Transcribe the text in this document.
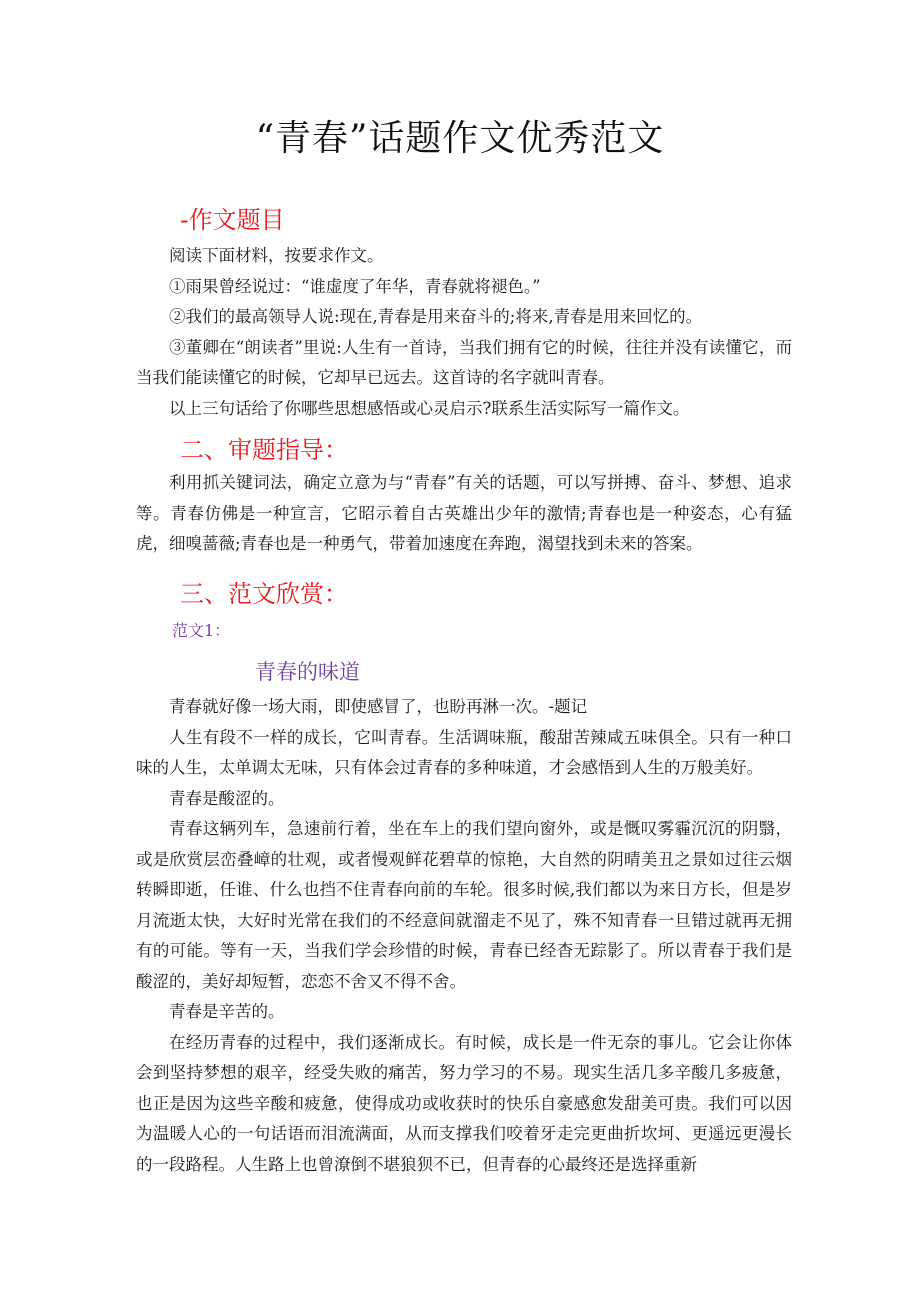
“青春”话题作文优秀范文
-作文题目

阅读下面材料，按要求作文。

①雨果曾经说过：“谁虚度了年华，青春就将褪色。”

②我们的最高领导人说:现在,青春是用来奋斗的;将来,青春是用来回忆的。

③董卿在“朗读者”里说:人生有一首诗，当我们拥有它的时候，往往并没有读懂它，而当我们能读懂它的时候，它却早已远去。这首诗的名字就叫青春。

以上三句话给了你哪些思想感悟或心灵启示?联系生活实际写一篇作文。

二、审题指导：

利用抓关键词法，确定立意为与“青春”有关的话题，可以写拼搏、奋斗、梦想、追求等。青春仿佛是一种宣言，它昭示着自古英雄出少年的激情;青春也是一种姿态，心有猛虎，细嗅蔷薇;青春也是一种勇气，带着加速度在奔跑，渴望找到未来的答案。

三、范文欣赏：
范文1：
青春的味道

青春就好像一场大雨，即使感冒了，也盼再淋一次。-题记

人生有段不一样的成长，它叫青春。生活调味瓶，酸甜苦辣咸五味俱全。只有一种口味的人生，太单调太无味，只有体会过青春的多种味道，才会感悟到人生的万般美好。

青春是酸涩的。

青春这辆列车，急速前行着，坐在车上的我们望向窗外，或是慨叹雾霾沉沉的阴翳，或是欣赏层峦叠嶂的壮观，或者慢观鲜花碧草的惊艳，大自然的阴晴美丑之景如过往云烟转瞬即逝，任谁、什么也挡不住青春向前的车轮。很多时候,我们都以为来日方长，但是岁月流逝太快，大好时光常在我们的不经意间就溜走不见了，殊不知青春一旦错过就再无拥有的可能。等有一天，当我们学会珍惜的时候，青春已经杳无踪影了。所以青春于我们是酸涩的，美好却短暂，恋恋不舍又不得不舍。

青春是辛苦的。

在经历青春的过程中，我们逐渐成长。有时候，成长是一件无奈的事儿。它会让你体会到坚持梦想的艰辛，经受失败的痛苦，努力学习的不易。现实生活几多辛酸几多疲惫，也正是因为这些辛酸和疲惫，使得成功或收获时的快乐自豪感愈发甜美可贵。我们可以因为温暖人心的一句话语而泪流满面，从而支撑我们咬着牙走完更曲折坎坷、更遥远更漫长的一段路程。人生路上也曾潦倒不堪狼狈不已，但青春的心最终还是选择重新
